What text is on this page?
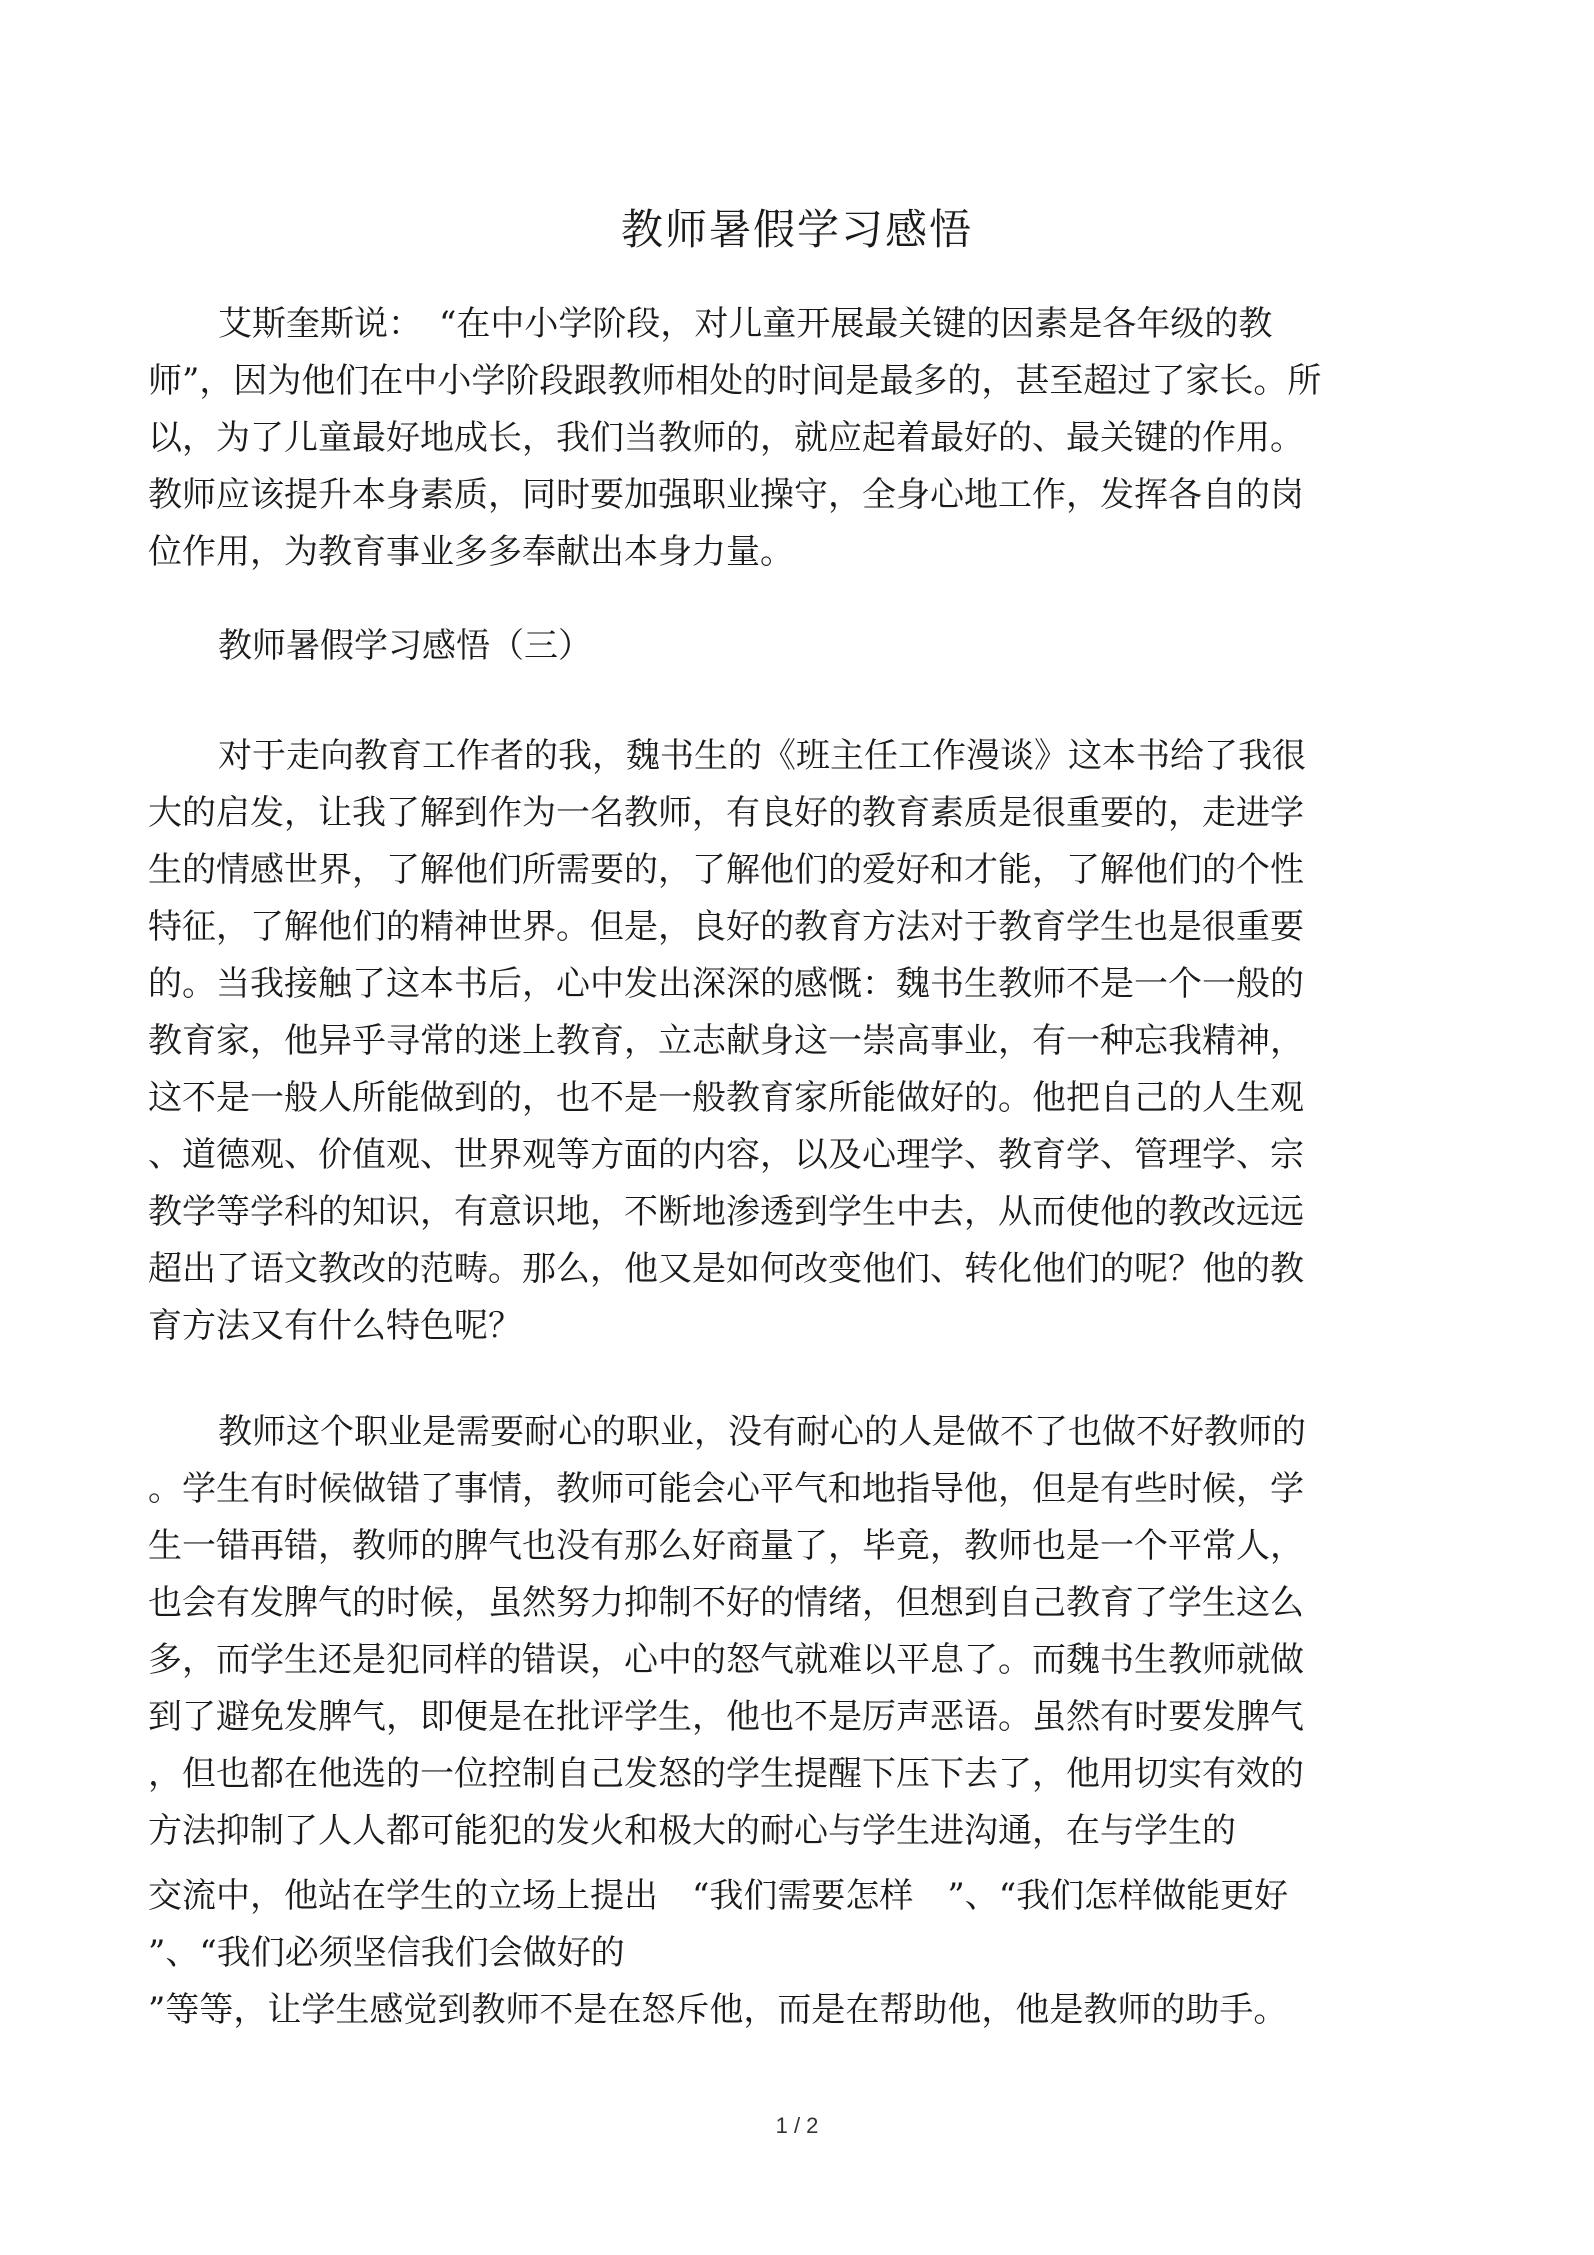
教师暑假学习感悟
艾斯奎斯说：　“在中小学阶段，对儿童开展最关键的因素是各年级的教
师”，因为他们在中小学阶段跟教师相处的时间是最多的，甚至超过了家长。所
以，为了儿童最好地成长，我们当教师的，就应起着最好的、最关键的作用。
教师应该提升本身素质，同时要加强职业操守，全身心地工作，发挥各自的岗
位作用，为教育事业多多奉献出本身力量。
教师暑假学习感悟（三）
对于走向教育工作者的我，魏书生的《班主任工作漫谈》这本书给了我很
大的启发，让我了解到作为一名教师，有良好的教育素质是很重要的，走进学
生的情感世界，了解他们所需要的，了解他们的爱好和才能，了解他们的个性
特征，了解他们的精神世界。但是，良好的教育方法对于教育学生也是很重要
的。当我接触了这本书后，心中发出深深的感慨：魏书生教师不是一个一般的
教育家，他异乎寻常的迷上教育，立志献身这一崇高事业，有一种忘我精神，
这不是一般人所能做到的，也不是一般教育家所能做好的。他把自己的人生观
、道德观、价值观、世界观等方面的内容，以及心理学、教育学、管理学、宗
教学等学科的知识，有意识地，不断地渗透到学生中去，从而使他的教改远远
超出了语文教改的范畴。那么，他又是如何改变他们、转化他们的呢？他的教
育方法又有什么特色呢？
教师这个职业是需要耐心的职业，没有耐心的人是做不了也做不好教师的
。学生有时候做错了事情，教师可能会心平气和地指导他，但是有些时候，学
生一错再错，教师的脾气也没有那么好商量了，毕竟，教师也是一个平常人，
也会有发脾气的时候，虽然努力抑制不好的情绪，但想到自己教育了学生这么
多，而学生还是犯同样的错误，心中的怒气就难以平息了。而魏书生教师就做
到了避免发脾气，即便是在批评学生，他也不是厉声恶语。虽然有时要发脾气
，但也都在他选的一位控制自己发怒的学生提醒下压下去了，他用切实有效的
方法抑制了人人都可能犯的发火和极大的耐心与学生进沟通，在与学生的
交流中，他站在学生的立场上提出　“我们需要怎样　”、“我们怎样做能更好
”、“我们必须坚信我们会做好的
”等等，让学生感觉到教师不是在怒斥他，而是在帮助他，他是教师的助手。
1 / 2
